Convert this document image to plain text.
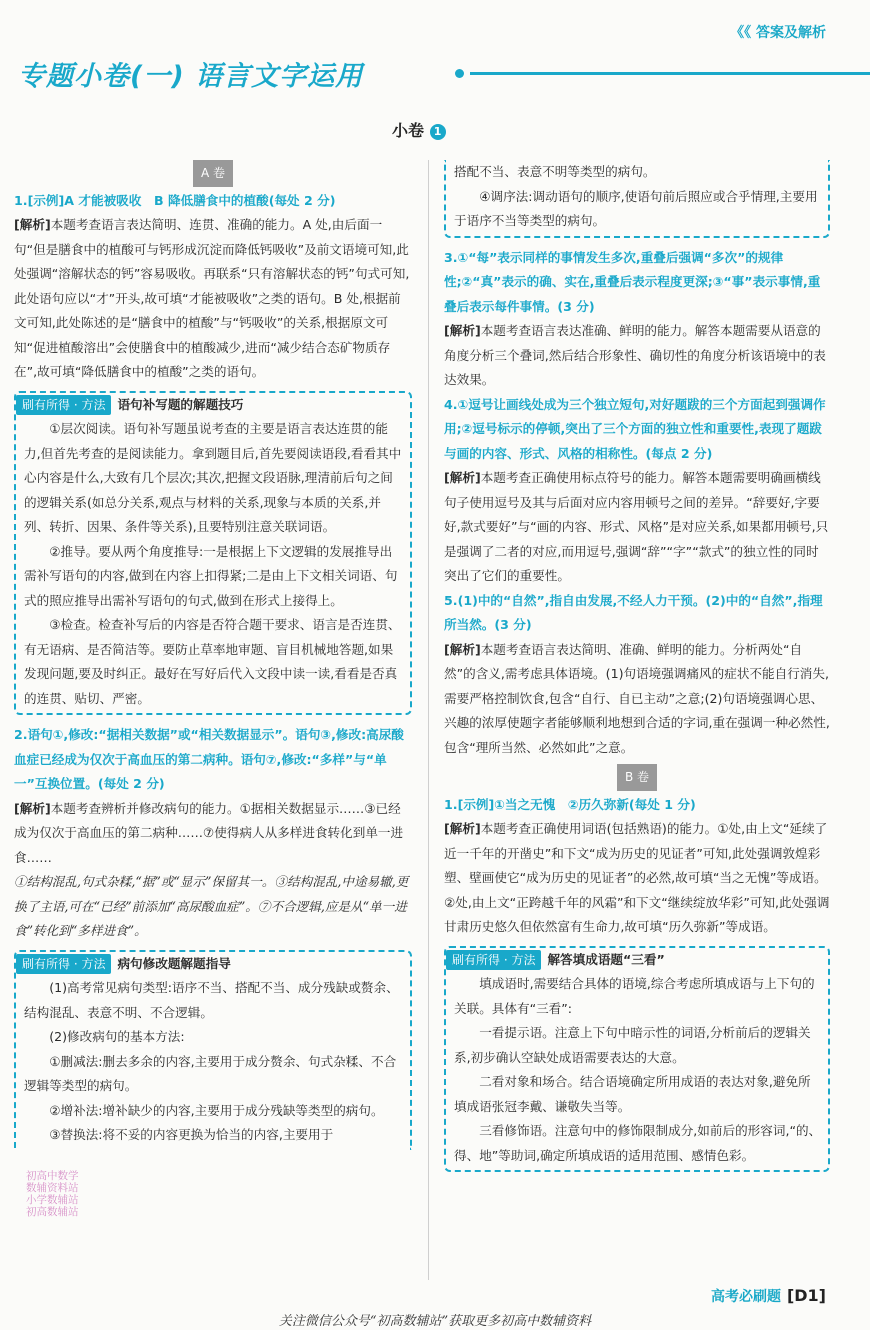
《《 答案及解析
专题小卷(一) 语言文字运用
小卷 1
A 卷

1.[示例]A 才能被吸收　B 降低膳食中的植酸(每处 2 分)

[解析]本题考查语言表达简明、连贯、准确的能力。A 处,由后面一句“但是膳食中的植酸可与钙形成沉淀而降低钙吸收”及前文语境可知,此处强调“溶解状态的钙”容易吸收。再联系“只有溶解状态的钙”句式可知,此处语句应以“才”开头,故可填“才能被吸收”之类的语句。B 处,根据前文可知,此处陈述的是“膳食中的植酸”与“钙吸收”的关系,根据原文可知“促进植酸溶出”会使膳食中的植酸减少,进而“减少结合态矿物质存在”,故可填“降低膳食中的植酸”之类的语句。

刷有所得 · 方法 语句补写题的解题技巧

①层次阅读。语句补写题虽说考查的主要是语言表达连贯的能力,但首先考查的是阅读能力。拿到题目后,首先要阅读语段,看看其中心内容是什么,大致有几个层次;其次,把握文段语脉,理清前后句之间的逻辑关系(如总分关系,观点与材料的关系,现象与本质的关系,并列、转折、因果、条件等关系),且要特别注意关联词语。

②推导。要从两个角度推导:一是根据上下文逻辑的发展推导出需补写语句的内容,做到在内容上扣得紧;二是由上下文相关词语、句式的照应推导出需补写语句的句式,做到在形式上接得上。

③检查。检查补写后的内容是否符合题干要求、语言是否连贯、有无语病、是否简洁等。要防止草率地审题、盲目机械地答题,如果发现问题,要及时纠正。最好在写好后代入文段中读一读,看看是否真的连贯、贴切、严密。

2.语句①,修改:“据相关数据”或“相关数据显示”。语句③,修改:高尿酸血症已经成为仅次于高血压的第二病种。语句⑦,修改:“多样”与“单一”互换位置。(每处 2 分)

[解析]本题考查辨析并修改病句的能力。①据相关数据显示……③已经成为仅次于高血压的第二病种……⑦使得病人从多样进食转化到单一进食……

①结构混乱,句式杂糅,“据”或“显示”保留其一。③结构混乱,中途易辙,更换了主语,可在“已经”前添加“高尿酸血症”。⑦不合逻辑,应是从“单一进食”转化到“多样进食”。

刷有所得 · 方法 病句修改题解题指导

(1)高考常见病句类型:语序不当、搭配不当、成分残缺或赘余、结构混乱、表意不明、不合逻辑。

(2)修改病句的基本方法:

①删减法:删去多余的内容,主要用于成分赘余、句式杂糅、不合逻辑等类型的病句。

②增补法:增补缺少的内容,主要用于成分残缺等类型的病句。

③替换法:将不妥的内容更换为恰当的内容,主要用于

搭配不当、表意不明等类型的病句。

④调序法:调动语句的顺序,使语句前后照应或合乎情理,主要用于语序不当等类型的病句。

3.①“每”表示同样的事情发生多次,重叠后强调“多次”的规律性;②“真”表示的确、实在,重叠后表示程度更深;③“事”表示事情,重叠后表示每件事情。(3 分)

[解析]本题考查语言表达准确、鲜明的能力。解答本题需要从语意的角度分析三个叠词,然后结合形象性、确切性的角度分析该语境中的表达效果。

4.①逗号让画线处成为三个独立短句,对好题跋的三个方面起到强调作用;②逗号标示的停顿,突出了三个方面的独立性和重要性,表现了题跋与画的内容、形式、风格的相称性。(每点 2 分)

[解析]本题考查正确使用标点符号的能力。解答本题需要明确画横线句子使用逗号及其与后面对应内容用顿号之间的差异。“辞要好,字要好,款式要好”与“画的内容、形式、风格”是对应关系,如果都用顿号,只是强调了二者的对应,而用逗号,强调“辞”“字”“款式”的独立性的同时突出了它们的重要性。

5.(1)中的“自然”,指自由发展,不经人力干预。(2)中的“自然”,指理所当然。(3 分)

[解析]本题考查语言表达简明、准确、鲜明的能力。分析两处“自然”的含义,需考虑具体语境。(1)句语境强调痛风的症状不能自行消失,需要严格控制饮食,包含“自行、自已主动”之意;(2)句语境强调心思、兴趣的浓厚使题字者能够顺利地想到合适的字词,重在强调一种必然性,包含“理所当然、必然如此”之意。

B 卷

1.[示例]①当之无愧　②历久弥新(每处 1 分)

[解析]本题考查正确使用词语(包括熟语)的能力。①处,由上文“延续了近一千年的开凿史”和下文“成为历史的见证者”可知,此处强调敦煌彩塑、壁画使它“成为历史的见证者”的必然,故可填“当之无愧”等成语。②处,由上文“正跨越千年的风霜”和下文“继续绽放华彩”可知,此处强调甘肃历史悠久但依然富有生命力,故可填“历久弥新”等成语。

刷有所得 · 方法 解答填成语题“三看”

填成语时,需要结合具体的语境,综合考虑所填成语与上下句的关联。具体有“三看”:

一看提示语。注意上下句中暗示性的词语,分析前后的逻辑关系,初步确认空缺处成语需要表达的大意。

二看对象和场合。结合语境确定所用成语的表达对象,避免所填成语张冠李戴、谦敬失当等。

三看修饰语。注意句中的修饰限制成分,如前后的形容词,“的、得、地”等助词,确定所填成语的适用范围、感情色彩。

初高中数学
数辅资料站
小学数辅站
初高数辅站
高考必刷题 [D1]
关注微信公众号“初高数辅站”获取更多初高中数辅资料
